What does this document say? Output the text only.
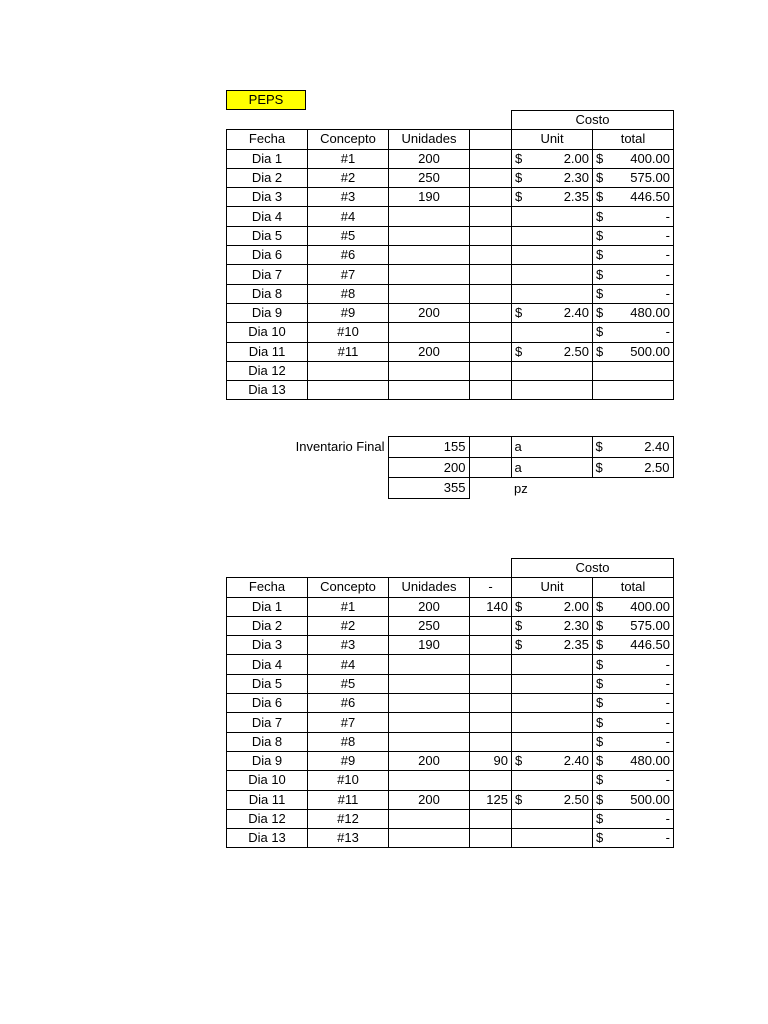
PEPS
				Costo	
Fecha	Concepto	Unidades		Unit	total
Dia 1	#1	200		$ 2.00	$ 400.00

Dia 2	#2	250		$ 2.30	$ 575.00

Dia 3	#3	190		$ 2.35	$ 446.50

Dia 4	#4				$ -

Dia 5	#5				$ -

Dia 6	#6				$ -

Dia 7	#7				$ -

Dia 8	#8				$ -

Dia 9	#9	200		$ 2.40	$ 480.00

Dia 10	#10				$ -

Dia 11	#11	200		$ 2.50	$ 500.00

Dia 12					
Dia 13					
Inventario Final	155		a	$ 2.40

	200		a	$ 2.50

	355		pz	
				Costo	
Fecha	Concepto	Unidades	-	Unit	total
Dia 1	#1	200	140	$ 2.00	$ 400.00

Dia 2	#2	250		$ 2.30	$ 575.00

Dia 3	#3	190		$ 2.35	$ 446.50

Dia 4	#4				$ -

Dia 5	#5				$ -

Dia 6	#6				$ -

Dia 7	#7				$ -

Dia 8	#8				$ -

Dia 9	#9	200	90	$ 2.40	$ 480.00

Dia 10	#10				$ -

Dia 11	#11	200	125	$ 2.50	$ 500.00

Dia 12	#12				$ -

Dia 13	#13				$ -
